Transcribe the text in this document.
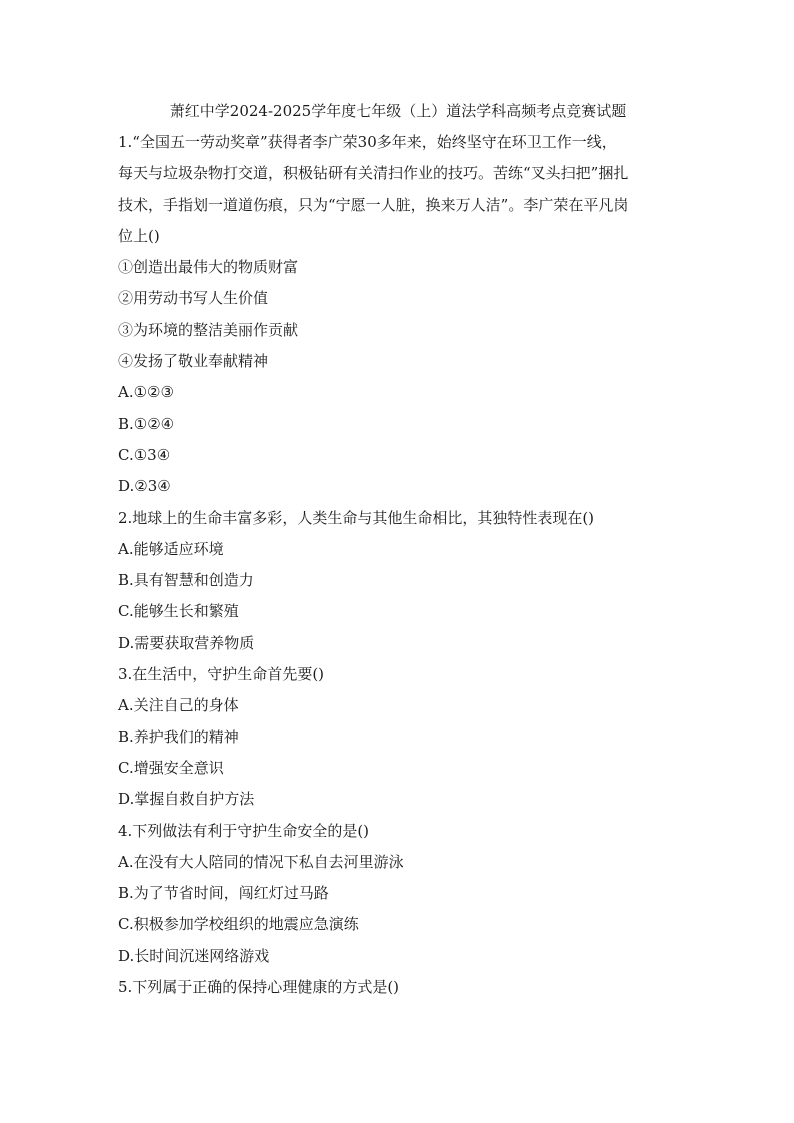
萧红中学2024-2025学年度七年级（上）道法学科高频考点竞赛试题

1.“全国五一劳动奖章”获得者李广荣30多年来，始终坚守在环卫工作一线，

每天与垃圾杂物打交道，积极钻研有关清扫作业的技巧。苦练“叉头扫把”捆扎

技术，手指划一道道伤痕，只为“宁愿一人脏，换来万人洁”。李广荣在平凡岗

位上()

①创造出最伟大的物质财富

②用劳动书写人生价值

③为环境的整洁美丽作贡献

④发扬了敬业奉献精神

A.①②③

B.①②④

C.①3④

D.②3④

2.地球上的生命丰富多彩，人类生命与其他生命相比，其独特性表现在()

A.能够适应环境

B.具有智慧和创造力

C.能够生长和繁殖

D.需要获取营养物质

3.在生活中，守护生命首先要()

A.关注自己的身体

B.养护我们的精神

C.增强安全意识

D.掌握自救自护方法

4.下列做法有利于守护生命安全的是()

A.在没有大人陪同的情况下私自去河里游泳

B.为了节省时间，闯红灯过马路

C.积极参加学校组织的地震应急演练

D.长时间沉迷网络游戏

5.下列属于正确的保持心理健康的方式是()
